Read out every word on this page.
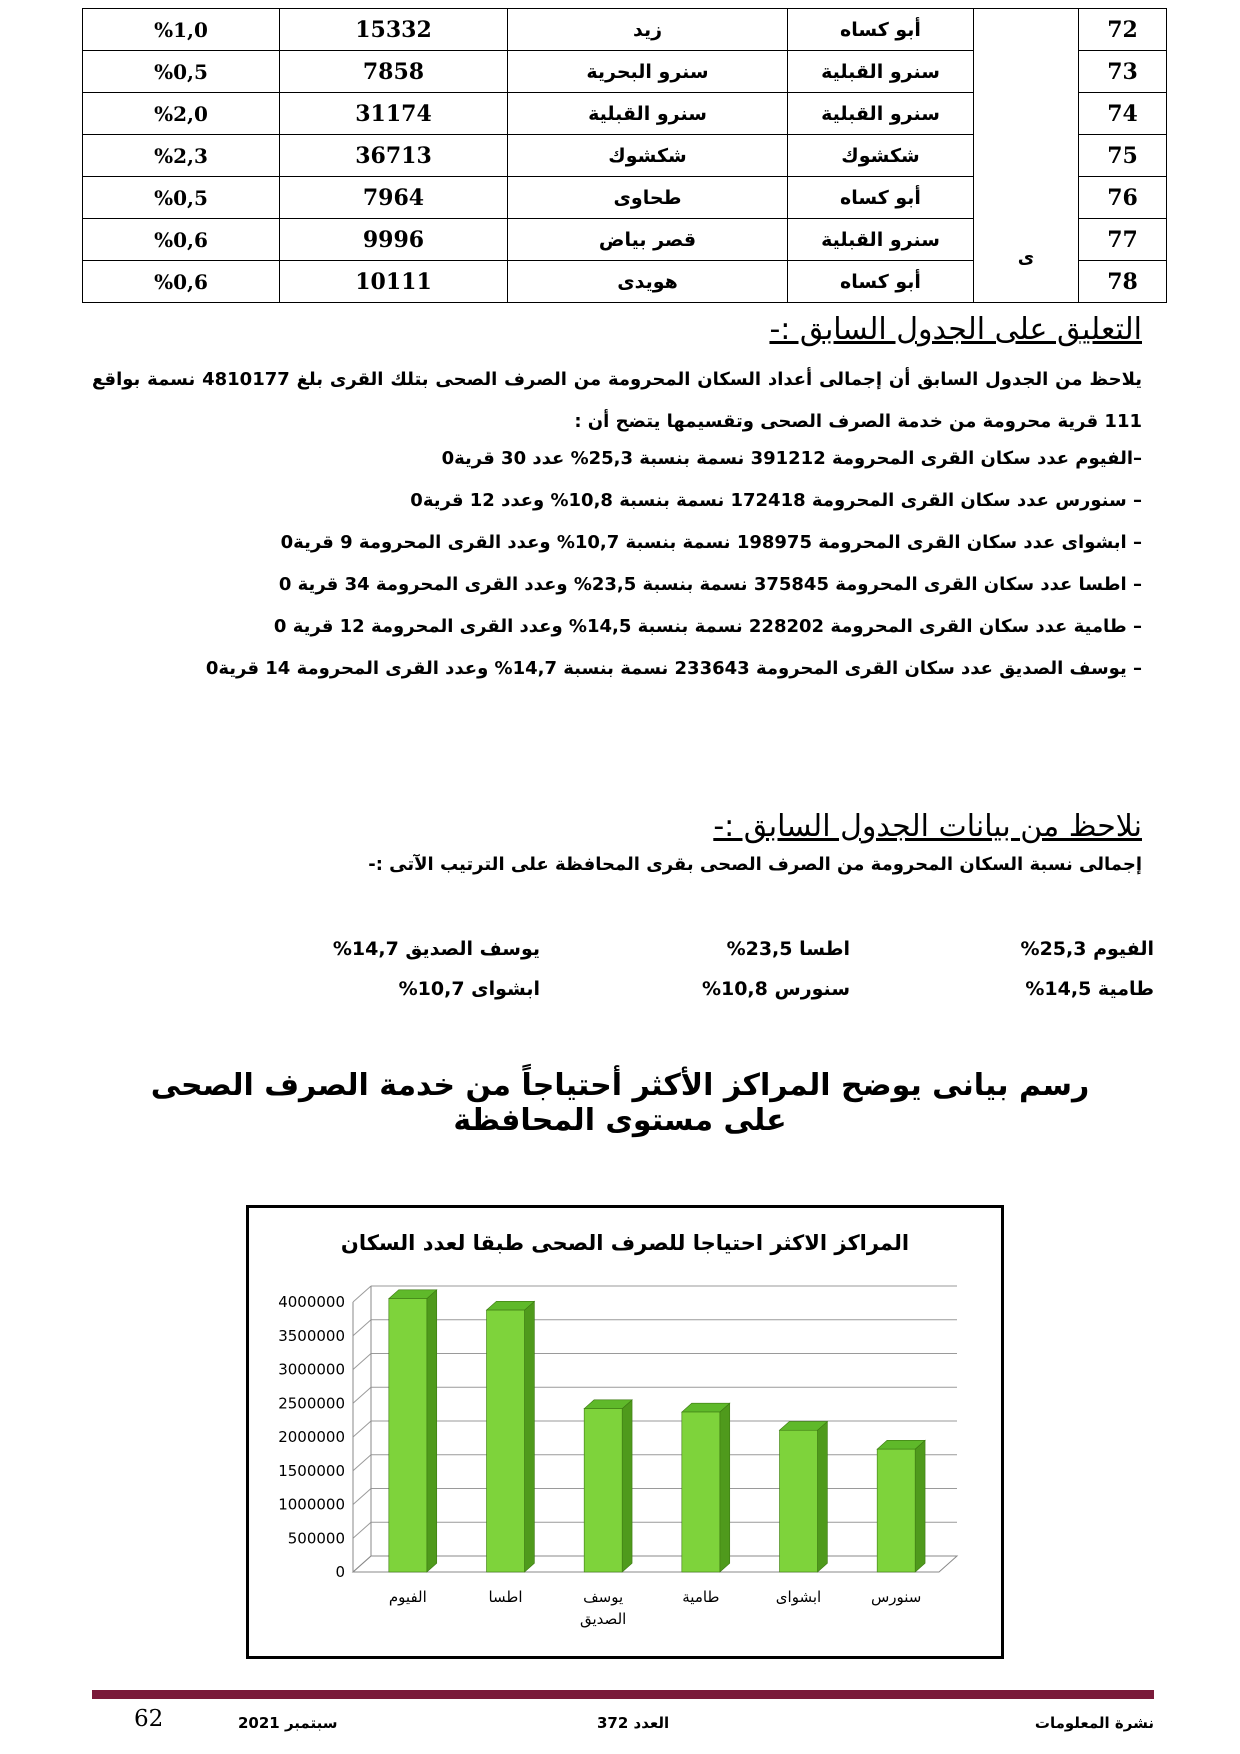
72	ى	أبو كساه	زيد	15332	%1,0
73		سنرو القبلية	سنرو البحرية	7858	%0,5
74		سنرو القبلية	سنرو القبلية	31174	%2,0
75		شكشوك	شكشوك	36713	%2,3
76		أبو كساه	طحاوى	7964	%0,5
77		سنرو القبلية	قصر بياض	9996	%0,6
78		أبو كساه	هويدى	10111	%0,6
التعليق على الجدول السابق :-
يلاحظ من الجدول السابق أن إجمالى أعداد السكان المحرومة من الصرف الصحى بتلك القرى بلغ 4810177 نسمة بواقع 111 قرية محرومة من خدمة الصرف الصحى وتقسيمها يتضح أن :
–الفيوم عدد سكان القرى المحرومة 391212 نسمة بنسبة 25,3% عدد 30 قرية0
– سنورس عدد سكان القرى المحرومة 172418 نسمة بنسبة 10,8% وعدد 12 قرية0
– ابشواى عدد سكان القرى المحرومة 198975 نسمة بنسبة 10,7% وعدد القرى المحرومة 9 قرية0
– اطسا عدد سكان القرى المحرومة 375845 نسمة بنسبة 23,5% وعدد القرى المحرومة 34 قرية 0
– طامية عدد سكان القرى المحرومة 228202 نسمة بنسبة 14,5% وعدد القرى المحرومة 12 قرية 0
– يوسف الصديق عدد سكان القرى المحرومة 233643 نسمة بنسبة 14,7% وعدد القرى المحرومة 14 قرية0
نلاحظ من بيانات الجدول السابق :-
إجمالى نسبة السكان المحرومة من الصرف الصحى بقرى المحافظة على الترتيب الآتى :-
الفيوم 25,3%
اطسا 23,5%
يوسف الصديق 14,7%
طامية 14,5%
سنورس 10,8%
ابشواى 10,7%
رسم بيانى يوضح المراكز الأكثر أحتياجاً من خدمة الصرف الصحى على مستوى المحافظة
المراكز الاكثر احتياجا للصرف الصحى طبقا لعدد السكان
0
500000
1000000
1500000
2000000
2500000
3000000
3500000
4000000
الفيوم	اطسا	يوسف
الصديق
طامية	ابشواى	سنورس
نشرة المعلومات
العدد 372
سبتمبر 2021
62
